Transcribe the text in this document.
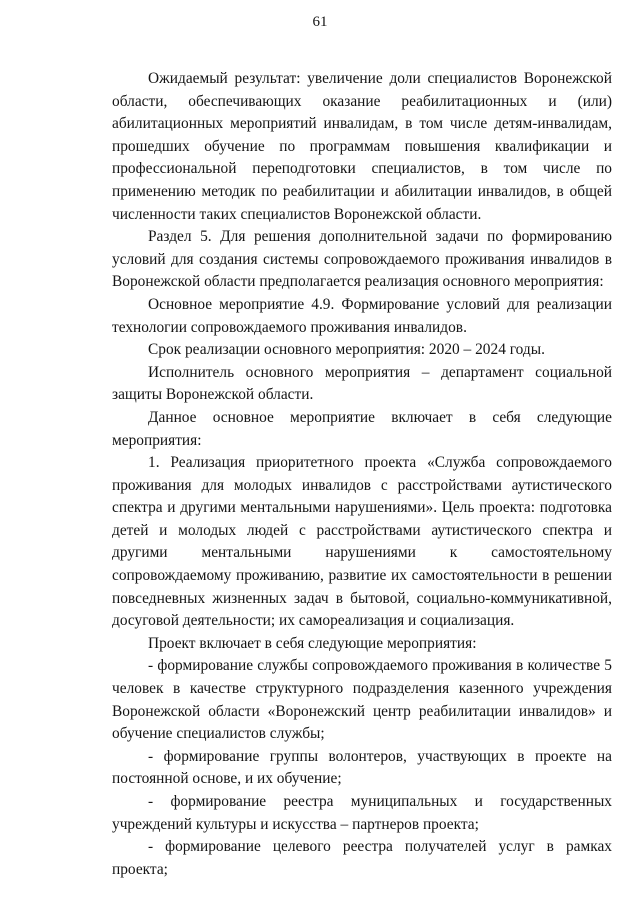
61

Ожидаемый результат: увеличение доли специалистов Воронежской области, обеспечивающих оказание реабилитационных и (или) абилитационных мероприятий инвалидам, в том числе детям-инвалидам, прошедших обучение по программам повышения квалификации и профессиональной переподготовки специалистов, в том числе по применению методик по реабилитации и абилитации инвалидов, в общей численности таких специалистов Воронежской области.

Раздел 5. Для решения дополнительной задачи по формированию условий для создания системы сопровождаемого проживания инвалидов в Воронежской области предполагается реализация основного мероприятия:

Основное мероприятие 4.9. Формирование условий для реализации технологии сопровождаемого проживания инвалидов.

Срок реализации основного мероприятия: 2020 – 2024 годы.

Исполнитель основного мероприятия – департамент социальной защиты Воронежской области.

Данное основное мероприятие включает в себя следующие мероприятия:

1. Реализация приоритетного проекта «Служба сопровождаемого проживания для молодых инвалидов с расстройствами аутистического спектра и другими ментальными нарушениями». Цель проекта: подготовка детей и молодых людей с расстройствами аутистического спектра и другими ментальными нарушениями к самостоятельному сопровождаемому проживанию, развитие их самостоятельности в решении повседневных жизненных задач в бытовой, социально-коммуникативной, досуговой деятельности; их самореализация и социализация.

Проект включает в себя следующие мероприятия:

- формирование службы сопровождаемого проживания в количестве 5 человек в качестве структурного подразделения казенного учреждения Воронежской области «Воронежский центр реабилитации инвалидов» и обучение специалистов службы;

- формирование группы волонтеров, участвующих в проекте на постоянной основе, и их обучение;

- формирование реестра муниципальных и государственных учреждений культуры и искусства – партнеров проекта;

- формирование целевого реестра получателей услуг в рамках проекта;
